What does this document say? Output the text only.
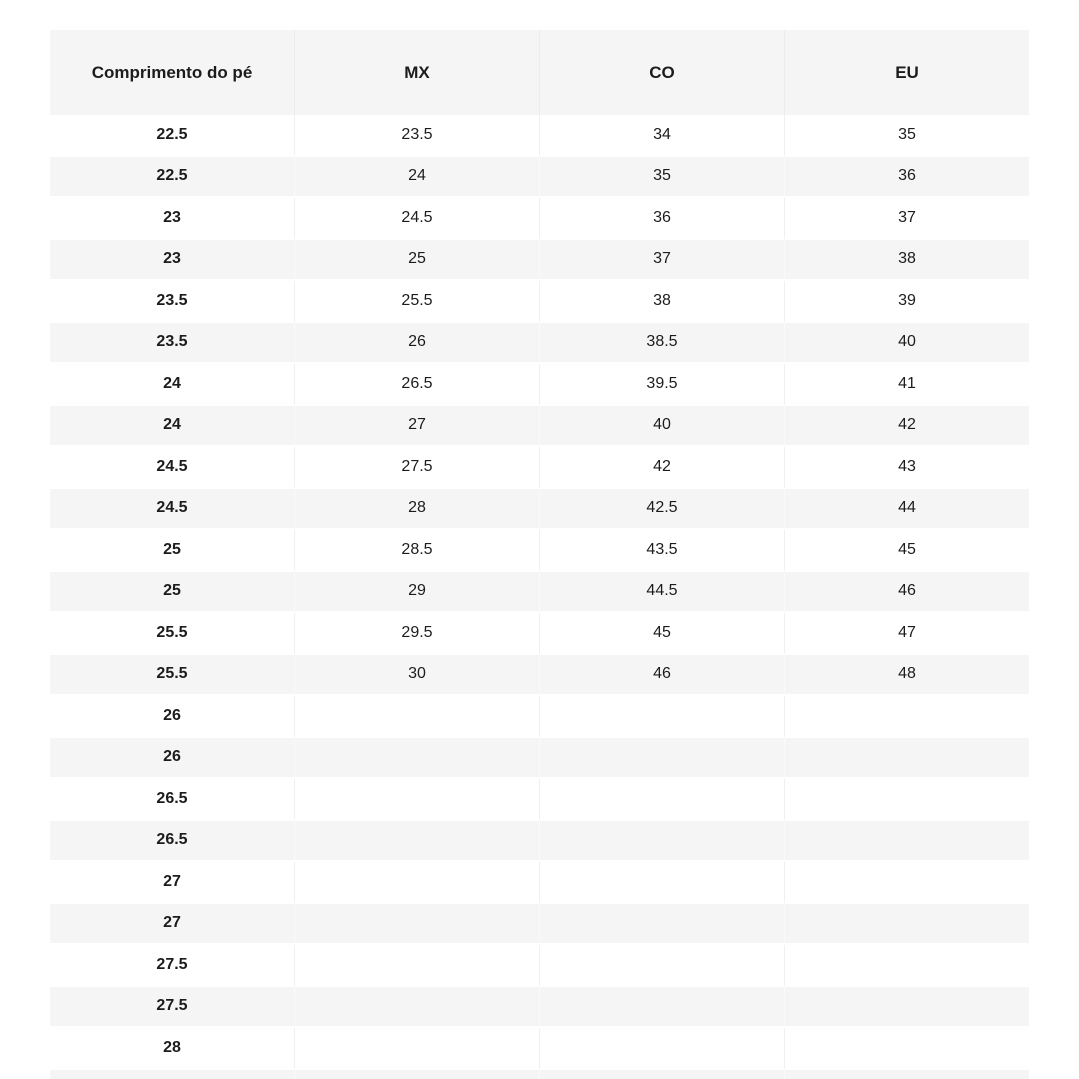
Comprimento do pé	MX	CO	EU
22.5	23.5	34	35
22.5	24	35	36
23	24.5	36	37
23	25	37	38
23.5	25.5	38	39
23.5	26	38.5	40
24	26.5	39.5	41
24	27	40	42
24.5	27.5	42	43
24.5	28	42.5	44
25	28.5	43.5	45
25	29	44.5	46
25.5	29.5	45	47
25.5	30	46	48
26
26
26.5
26.5
27
27
27.5
27.5
28
